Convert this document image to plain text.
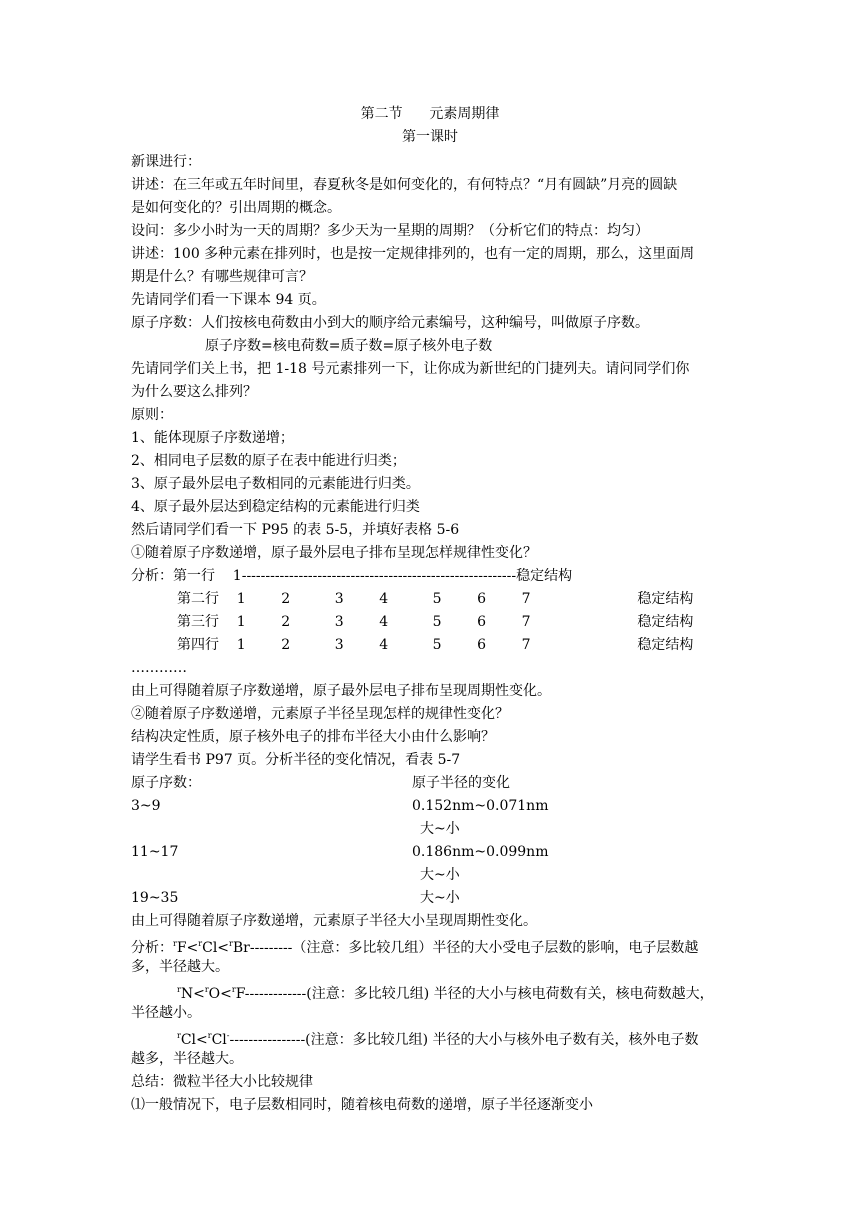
第二节      元素周期律
第一课时
新课进行：
讲述：在三年或五年时间里，春夏秋冬是如何变化的，有何特点？“月有圆缺”月亮的圆缺
是如何变化的？引出周期的概念。
设问：多少小时为一天的周期？多少天为一星期的周期？（分析它们的特点：均匀）
讲述：100 多种元素在排列时，也是按一定规律排列的，也有一定的周期，那么，这里面周
期是什么？有哪些规律可言？
先请同学们看一下课本 94 页。
原子序数：人们按核电荷数由小到大的顺序给元素编号，这种编号，叫做原子序数。
原子序数=核电荷数=质子数=原子核外电子数
先请同学们关上书，把 1-18 号元素排列一下，让你成为新世纪的门捷列夫。请问同学们你
为什么要这么排列？
原则：
1、能体现原子序数递增；
2、相同电子层数的原子在表中能进行归类；
3、原子最外层电子数相同的元素能进行归类。
4、原子最外层达到稳定结构的元素能进行归类
然后请同学们看一下 P95 的表 5-5，并填好表格 5-6
①随着原子序数递增，原子最外层电子排布呈现怎样规律性变化？
分析：第一行    1----------------------------------------------------------稳定结构
第二行    1        2          3        4          5        6        7                        稳定结构
第三行    1        2          3        4          5        6        7                        稳定结构
第四行    1        2          3        4          5        6        7                        稳定结构
…………
由上可得随着原子序数递增，原子最外层电子排布呈现周期性变化。
②随着原子序数递增，元素原子半径呈现怎样的规律性变化？
结构决定性质，原子核外电子的排布半径大小由什么影响？
请学生看书 P97 页。分析半径的变化情况，看表 5-7
原子序数：	原子半径的变化
3~9	0.152nm~0.071nm
大~小
11~17	0.186nm~0.099nm
大~小
19~35	大~小
由上可得随着原子序数递增，元素原子半径大小呈现周期性变化。
分析：$^r$F<$^r$Cl<$^r$Br---------（注意：多比较几组）半径的大小受电子层数的影响，电子层数越
多，半径越大。
$^r$N<$^r$O<$^r$F-------------(注意：多比较几组) 半径的大小与核电荷数有关，核电荷数越大，
半径越小。
$^r$Cl<$^r$Cl-----------------(注意：多比较几组) 半径的大小与核外电子数有关，核外电子数
越多，半径越大。
总结：微粒半径大小比较规律
⑴一般情况下，电子层数相同时，随着核电荷数的递增，原子半径逐渐变小
